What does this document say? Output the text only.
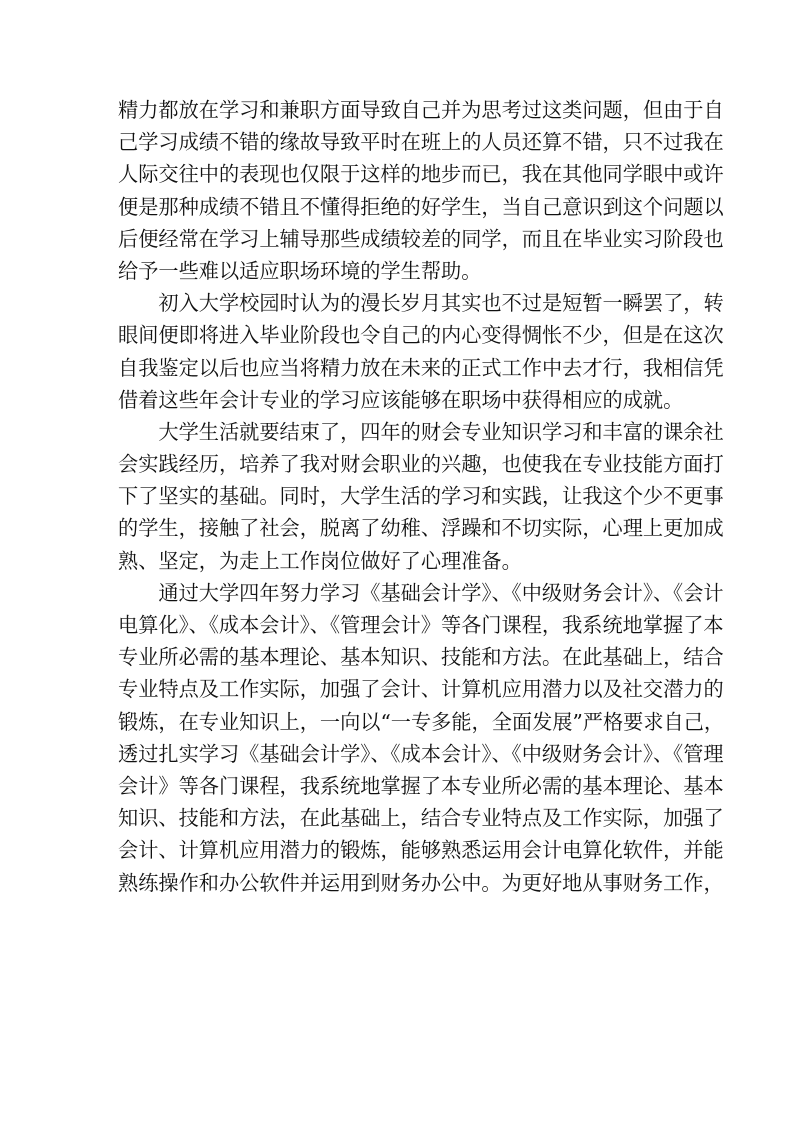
精力都放在学习和兼职方面导致自己并为思考过这类问题，但由于自
己学习成绩不错的缘故导致平时在班上的人员还算不错，只不过我在
人际交往中的表现也仅限于这样的地步而已，我在其他同学眼中或许
便是那种成绩不错且不懂得拒绝的好学生，当自己意识到这个问题以
后便经常在学习上辅导那些成绩较差的同学，而且在毕业实习阶段也
给予一些难以适应职场环境的学生帮助。
　　初入大学校园时认为的漫长岁月其实也不过是短暂一瞬罢了，转
眼间便即将进入毕业阶段也令自己的内心变得惆怅不少，但是在这次
自我鉴定以后也应当将精力放在未来的正式工作中去才行，我相信凭
借着这些年会计专业的学习应该能够在职场中获得相应的成就。
　　大学生活就要结束了，四年的财会专业知识学习和丰富的课余社
会实践经历，培养了我对财会职业的兴趣，也使我在专业技能方面打
下了坚实的基础。同时，大学生活的学习和实践，让我这个少不更事
的学生，接触了社会，脱离了幼稚、浮躁和不切实际，心理上更加成
熟、坚定，为走上工作岗位做好了心理准备。
　　通过大学四年努力学习《基础会计学》、《中级财务会计》、《会计
电算化》、《成本会计》、《管理会计》等各门课程，我系统地掌握了本
专业所必需的基本理论、基本知识、技能和方法。在此基础上，结合
专业特点及工作实际，加强了会计、计算机应用潜力以及社交潜力的
锻炼，在专业知识上，一向以“一专多能，全面发展”严格要求自己，
透过扎实学习《基础会计学》、《成本会计》、《中级财务会计》、《管理
会计》等各门课程，我系统地掌握了本专业所必需的基本理论、基本
知识、技能和方法，在此基础上，结合专业特点及工作实际，加强了
会计、计算机应用潜力的锻炼，能够熟悉运用会计电算化软件，并能
熟练操作和办公软件并运用到财务办公中。为更好地从事财务工作，
